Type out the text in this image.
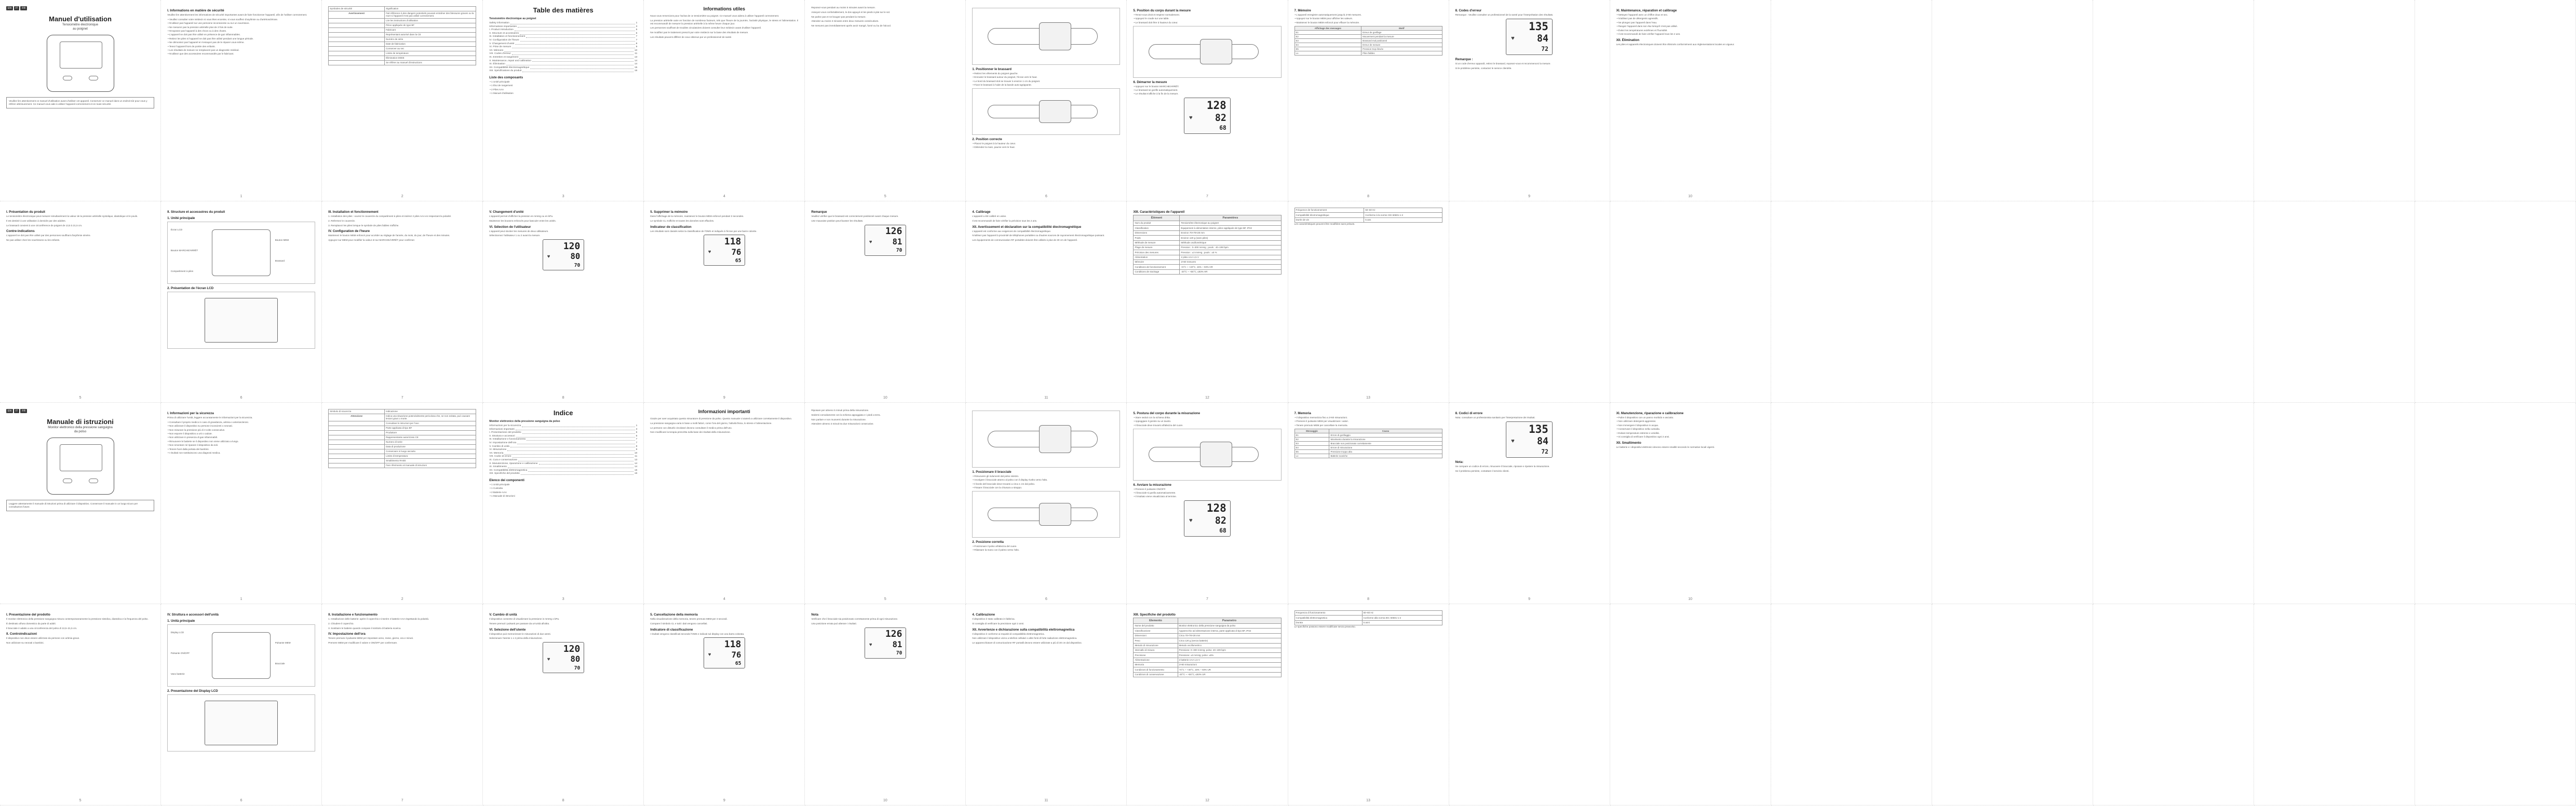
EN	IT	FR
Manuel d'utilisation
Tensiomètre électronique
au poignet
Veuillez lire attentivement ce manuel d'utilisation avant d'utiliser cet appareil. Conservez ce manuel dans un endroit sûr pour vous y référer ultérieurement. Ce manuel vous aide à utiliser l'appareil correctement et en toute sécurité.
I. Informations en matière de sécurité
Veuillez lire attentivement les informations de sécurité importantes avant de faire fonctionner l'appareil, afin de l'utiliser correctement.
• Veuillez consulter votre médecin si vous êtes enceinte, si vous souffrez d'arythmie ou d'artériosclérose.
• N'utilisez pas l'appareil sur une personne inconsciente ou sur un nourrisson.
• Ne mesurez pas la pression artérielle plus de 3 fois de suite.
• N'exposez pas l'appareil à des chocs ou à des chutes.
• L'appareil ne doit pas être utilisé en présence de gaz inflammables.
• Retirez les piles si l'appareil ne doit pas être utilisé pendant une longue période.
• Ne démontez pas l'appareil et n'essayez pas de le réparer vous-même.
• Tenez l'appareil hors de portée des enfants.
• Les résultats de mesure ne remplacent pas un diagnostic médical.
• N'utilisez que des accessoires recommandés par le fabricant.
1
Symboles de sécurité	Signification
Avertissement	Fait référence à des dangers potentiels pouvant entraîner des blessures graves ou la mort si l'appareil n'est pas utilisé correctement.
	Lire les instructions d'utilisation
	Pièce appliquée de type BF
	Fabricant
	Représentant autorisé dans la CE
	Numéro de série
	Date de fabrication
	Conserver au sec
	Limite de température
	Élimination DEEE
	Se référer au manuel d'instructions
2
Table des matières
Tensiomètre électronique au poignet
Safety information	1
Informations importantes	3
I. Product introduction	5
II. Structure et accessoires	6
III. Installation et fonctionnement	7
IV. Configuration de l'heure	7
V. Changement d'unité	8
VI. Prise de mesure	9
VII. Mémoire	10
VIII. Codes d'erreur	11
IX. Entretien et rangement	13
X. Maintenance, repair and calibration	14
XI. Élimination	14
XII. Compatibilité électromagnétique	15
XIII. Spécifications du produit	16
Liste des composants
• 1 Unité principale
• 1 Étui de rangement
• 2 Piles AAA
• 1 Manuel d'utilisation
3
Informations utiles
Nous vous remercions pour l'achat de ce tensiomètre au poignet. Ce manuel vous aidera à utiliser l'appareil correctement.
La pression artérielle varie en fonction de nombreux facteurs, tels que l'heure de la journée, l'activité physique, le stress et l'alimentation. Il est recommandé de mesurer la pression artérielle à la même heure chaque jour.
Les personnes souffrant de troubles circulatoires doivent consulter leur médecin avant d'utiliser l'appareil.
Ne modifiez pas le traitement prescrit par votre médecin sur la base des résultats de mesure.
Les résultats peuvent différer de ceux obtenus par un professionnel de santé.
4
Reposez-vous pendant au moins 5 minutes avant la mesure.
Asseyez-vous confortablement, le dos appuyé et les pieds à plat sur le sol.
Ne parlez pas et ne bougez pas pendant la mesure.
Attendez au moins 3 minutes entre deux mesures consécutives.
Ne mesurez pas immédiatement après avoir mangé, fumé ou bu de l'alcool.
5
1. Positionner le brassard
• Retirez les vêtements du poignet gauche.
• Enroulez le brassard autour du poignet, l'écran vers le haut.
• Le bord du brassard doit se trouver à environ 1 cm du poignet.
• Fixez le brassard à l'aide de la bande auto-agrippante.
2. Position correcte
• Placez le poignet à la hauteur du cœur.
• Détendez la main, paume vers le haut.
6
5. Position du corps durant la mesure
• Tenez-vous droit et respirez normalement.
• Appuyez le coude sur une table.
• Le brassard doit être à hauteur du cœur.
6. Démarrer la mesure
• Appuyez sur le bouton MARCHE/ARRÊT.
• Le brassard se gonfle automatiquement.
• Le résultat s'affiche à la fin de la mesure.
128
82
68
♥
7
7. Mémoire
• L'appareil enregistre automatiquement jusqu'à 2×60 mesures.
• Appuyez sur le bouton MEM pour afficher les valeurs.
• Maintenez le bouton MEM enfoncé pour effacer la mémoire.
Affichage des messages	Motif
E1	Erreur de gonflage
E2	Mouvement pendant la mesure
E3	Brassard mal positionné
E4	Erreur de mesure
E5	Pression trop élevée
Lo	Piles faibles
8
8. Codes d'erreur
Remarque : Veuillez consulter un professionnel de la santé pour l'interprétation des résultats.
135
84
72
♥
Remarque :
Si un code d'erreur apparaît, retirez le brassard, reposez-vous et recommencez la mesure.
Si le problème persiste, contactez le service clientèle.
9
XI. Maintenance, réparation et calibrage
• Nettoyez l'appareil avec un chiffon doux et sec.
• N'utilisez pas de détergents agressifs.
• Ne plongez pas l'appareil dans l'eau.
• Rangez l'appareil dans son étui lorsqu'il n'est pas utilisé.
• Évitez les températures extrêmes et l'humidité.
• Il est recommandé de faire vérifier l'appareil tous les 2 ans.
XII. Élimination
Les piles et appareils électroniques doivent être éliminés conformément aux réglementations locales en vigueur.
10
I. Présentation du produit
Le tensiomètre électronique peut mesurer simultanément la valeur de la pression artérielle systolique, diastolique et le pouls.
Il est destiné à une utilisation à domicile par des adultes.
Le brassard convient à une circonférence de poignet de 13,5 à 21,5 cm.
Contre-indications
L'appareil ne doit pas être utilisé par des personnes souffrant d'arythmie sévère.
Ne pas utiliser chez les nourrissons ou les enfants.
5
II. Structure et accessoires du produit
1. Unité principale
Écran LCD
Bouton MEM
Bouton MARCHE/ARRÊT
Brassard
Compartiment à piles
2. Présentation de l'écran LCD
6
III. Installation et fonctionnement
1. Installation des piles : ouvrez le couvercle du compartiment à piles et insérez 2 piles AAA en respectant la polarité.
2. Refermez le couvercle.
3. Remplacez les piles lorsque le symbole de piles faibles s'affiche.
IV. Configuration de l'heure
Maintenez le bouton MEM enfoncé pour accéder au réglage de l'année, du mois, du jour, de l'heure et des minutes.
Appuyez sur MEM pour modifier la valeur et sur MARCHE/ARRÊT pour confirmer.
7
V. Changement d'unité
L'appareil permet d'afficher la pression en mmHg ou en kPa.
Maintenez les boutons enfoncés pour basculer entre les unités.
VI. Sélection de l'utilisateur
L'appareil peut stocker les mesures de deux utilisateurs.
Sélectionnez l'utilisateur 1 ou 2 avant la mesure.
120
80
70
♥
8
5. Supprimer la mémoire
Dans l'affichage de la mémoire, maintenez le bouton MEM enfoncé pendant 3 secondes.
Le symbole CL s'affiche et toutes les données sont effacées.
Indicateur de classification
Les résultats sont classés selon la classification de l'OMS et indiqués à l'écran par une barre colorée.
118
76
65
♥
9
Remarque
Veuillez vérifier que le brassard est correctement positionné avant chaque mesure.
Une mauvaise position peut fausser les résultats.
126
81
70
♥
10
4. Calibrage
L'appareil a été calibré en usine.
Il est recommandé de faire vérifier la précision tous les 2 ans.
XII. Avertissement et déclaration sur la compatibilité électromagnétique
L'appareil est conforme aux exigences de compatibilité électromagnétique.
N'utilisez pas l'appareil à proximité de téléphones portables ou d'autres sources de rayonnement électromagnétique puissant.
Les équipements de communication RF portables doivent être utilisés à plus de 30 cm de l'appareil.
11
XIII. Caractéristiques de l'appareil
Élément	Paramètres
Nom du produit	Tensiomètre électronique au poignet
Classification	Équipement à alimentation interne, pièce appliquée de type BF, IP22
Dimensions	Environ 70×78×28 mm
Poids	Environ 120 g (sans piles)
Méthode de mesure	Méthode oscillométrique
Plage de mesure	Pression : 0–300 mmHg ; pouls : 40–199 bpm
Précision des mesures	Pression : ±3 mmHg ; pouls : ±5 %
Alimentation	2 piles AAA 1,5 V
Mémoire	2×60 mesures
Conditions de fonctionnement	+5°C ~ +40°C, 15% ~ 93% HR
Conditions de stockage	-20°C ~ +55°C, ≤93% HR
12
Fréquence de fonctionnement	50–60 Hz
Compatibilité électromagnétique	Conforme à la norme CEI 60601-1-2
Durée de vie	5 ans
Les caractéristiques peuvent être modifiées sans préavis.
13
EN	IT	FR
Manuale di istruzioni
Monitor elettronico della pressione sanguigna
da polso
Leggere attentamente il manuale di istruzioni prima di utilizzare il dispositivo. Conservare il manuale in un luogo sicuro per consultazioni future.
I. Informazioni per la sicurezza
Prima di utilizzare l'unità, leggere accuratamente le informazioni per la sicurezza.
• Consultare il proprio medico in caso di gravidanza, aritmia o arteriosclerosi.
• Non utilizzare il dispositivo su persone incoscienti o neonati.
• Non misurare la pressione più di 3 volte consecutive.
• Non esporre il dispositivo a urti o cadute.
• Non utilizzare in presenza di gas infiammabili.
• Rimuovere le batterie se il dispositivo non viene utilizzato a lungo.
• Non smontare né riparare il dispositivo da soli.
• Tenere fuori dalla portata dei bambini.
• I risultati non sostituiscono una diagnosi medica.
1
Simbolo di sicurezza	Indicazione
Attenzione	Indica una situazione potenzialmente pericolosa che, se non evitata, può causare lesioni gravi o morte.
	Consultare le istruzioni per l'uso
	Parte applicata di tipo BF
	Produttore
	Rappresentante autorizzato CE
	Numero di serie
	Data di produzione
	Conservare in luogo asciutto
	Limite di temperatura
	Smaltimento RAEE
	Fare riferimento al manuale di istruzioni
2
Indice
Monitor elettronico della pressione sanguigna da polso
Informazioni per la sicurezza	1
Informazioni importanti	3
I. Presentazione del prodotto	5
II. Struttura e accessori	6
III. Installazione e funzionamento	7
IV. Impostazione dell'ora	7
V. Cambio di unità	8
VI. Misurazione	9
VII. Memoria	10
VIII. Codici di errore	11
IX. Cura e conservazione	13
X. Manutenzione, riparazione e calibrazione	14
XI. Smaltimento	14
XII. Compatibilità elettromagnetica	15
XIII. Specifiche del prodotto	16
Elenco dei componenti
• 1 Unità principale
• 1 Custodia
• 2 Batterie AAA
• 1 Manuale di istruzioni
3
Informazioni importanti
Grazie per aver acquistato questo misuratore di pressione da polso. Questo manuale vi aiuterà a utilizzare correttamente il dispositivo.
La pressione sanguigna varia in base a molti fattori, come l'ora del giorno, l'attività fisica, lo stress e l'alimentazione.
Le persone con disturbi circolatori devono consultare il medico prima dell'uso.
Non modificare la terapia prescritta sulla base dei risultati della misurazione.
4
Riposare per almeno 5 minuti prima della misurazione.
Sedersi comodamente con la schiena appoggiata e i piedi a terra.
Non parlare e non muoversi durante la misurazione.
Attendere almeno 3 minuti tra due misurazioni consecutive.
5
1. Posizionare il bracciale
• Rimuovere gli indumenti dal polso sinistro.
• Avvolgere il bracciale attorno al polso con il display rivolto verso l'alto.
• Il bordo del bracciale deve trovarsi a circa 1 cm dal polso.
• Fissare il bracciale con la chiusura a strappo.
2. Posizione corretta
• Posizionare il polso all'altezza del cuore.
• Rilassare la mano con il palmo verso l'alto.
6
5. Postura del corpo durante la misurazione
• Stare seduti con la schiena dritta.
• Appoggiare il gomito su un tavolo.
• Il bracciale deve trovarsi all'altezza del cuore.
6. Avviare la misurazione
• Premere il pulsante ON/OFF.
• Il bracciale si gonfia automaticamente.
• Il risultato viene visualizzato al termine.
128
82
68
♥
7
7. Memoria
• Il dispositivo memorizza fino a 2×60 misurazioni.
• Premere il pulsante MEM per visualizzare i valori.
• Tenere premuto MEM per cancellare la memoria.
Messaggio	Causa
E1	Errore di gonfiaggio
E2	Movimento durante la misurazione
E3	Bracciale non posizionato correttamente
E4	Errore di misurazione
E5	Pressione troppo alta
Lo	Batterie scariche
8
8. Codici di errore
Nota: consultare un professionista sanitario per l'interpretazione dei risultati.
135
84
72
♥
Nota:
Se compare un codice di errore, rimuovere il bracciale, riposare e ripetere la misurazione.
Se il problema persiste, contattare il servizio clienti.
9
XI. Manutenzione, riparazione e calibrazione
• Pulire il dispositivo con un panno morbido e asciutto.
• Non utilizzare detergenti aggressivi.
• Non immergere il dispositivo in acqua.
• Conservare il dispositivo nella custodia.
• Evitare temperature estreme e umidità.
• Si consiglia di verificare il dispositivo ogni 2 anni.
XII. Smaltimento
Le batterie e i dispositivi elettronici devono essere smaltiti secondo le normative locali vigenti.
10
I. Presentazione del prodotto
Il monitor elettronico della pressione sanguigna misura contemporaneamente la pressione sistolica, diastolica e la frequenza del polso.
È destinato all'uso domestico da parte di adulti.
Il bracciale è adatto a una circonferenza del polso di 13,5–21,5 cm.
II. Controindicazioni
Il dispositivo non deve essere utilizzato da persone con aritmia grave.
Non utilizzare su neonati o bambini.
5
IV. Struttura e accessori dell'unità
1. Unità principale
Display LCD
Pulsante MEM
Pulsante ON/OFF
Bracciale
Vano batterie
2. Presentazione del Display LCD
6
II. Installazione e funzionamento
1. Installazione delle batterie: aprire il coperchio e inserire 2 batterie AAA rispettando la polarità.
2. Chiudere il coperchio.
3. Sostituire le batterie quando compare il simbolo di batteria scarica.
IV. Impostazione dell'ora
Tenere premuto il pulsante MEM per impostare anno, mese, giorno, ora e minuti.
Premere MEM per modificare il valore e ON/OFF per confermare.
7
V. Cambio di unità
Il dispositivo consente di visualizzare la pressione in mmHg o kPa.
Tenere premuti i pulsanti per passare da un'unità all'altra.
VI. Selezione dell'utente
Il dispositivo può memorizzare le misurazioni di due utenti.
Selezionare l'utente 1 o 2 prima della misurazione.
120
80
70
♥
8
5. Cancellazione della memoria
Nella visualizzazione della memoria, tenere premuto MEM per 3 secondi.
Compare il simbolo CL e tutti i dati vengono cancellati.
Indicatore di classificazione
I risultati vengono classificati secondo l'OMS e indicati sul display con una barra colorata.
118
76
65
♥
9
Nota
Verificare che il bracciale sia posizionato correttamente prima di ogni misurazione.
Una posizione errata può alterare i risultati.
126
81
70
♥
10
4. Calibrazione
Il dispositivo è stato calibrato in fabbrica.
Si consiglia di verificare la precisione ogni 2 anni.
XII. Avvertenze e dichiarazione sulla compatibilità elettromagnetica
Il dispositivo è conforme ai requisiti di compatibilità elettromagnetica.
Non utilizzare il dispositivo vicino a telefoni cellulari o altre fonti di forte radiazione elettromagnetica.
Le apparecchiature di comunicazione RF portatili devono essere utilizzate a più di 30 cm dal dispositivo.
11
XIII. Specifiche del prodotto
Elemento	Parametro
Nome del prodotto	Monitor elettronico della pressione sanguigna da polso
Classificazione	Apparecchio ad alimentazione interna, parte applicata di tipo BF, IP22
Dimensioni	Circa 70×78×28 mm
Peso	Circa 120 g (senza batterie)
Metodo di misurazione	Metodo oscillometrico
Intervallo di misura	Pressione: 0–300 mmHg; polso: 40–199 bpm
Precisione	Pressione: ±3 mmHg; polso: ±5%
Alimentazione	2 batterie AAA 1,5 V
Memoria	2×60 misurazioni
Condizioni di funzionamento	+5°C ~ +40°C, 15% ~ 93% UR
Condizioni di conservazione	-20°C ~ +55°C, ≤93% UR
12
Frequenza di funzionamento	50–60 Hz
Compatibilità elettromagnetica	Conforme alla norma IEC 60601-1-2
Durata	5 anni
Le specifiche possono essere modificate senza preavviso.
13
